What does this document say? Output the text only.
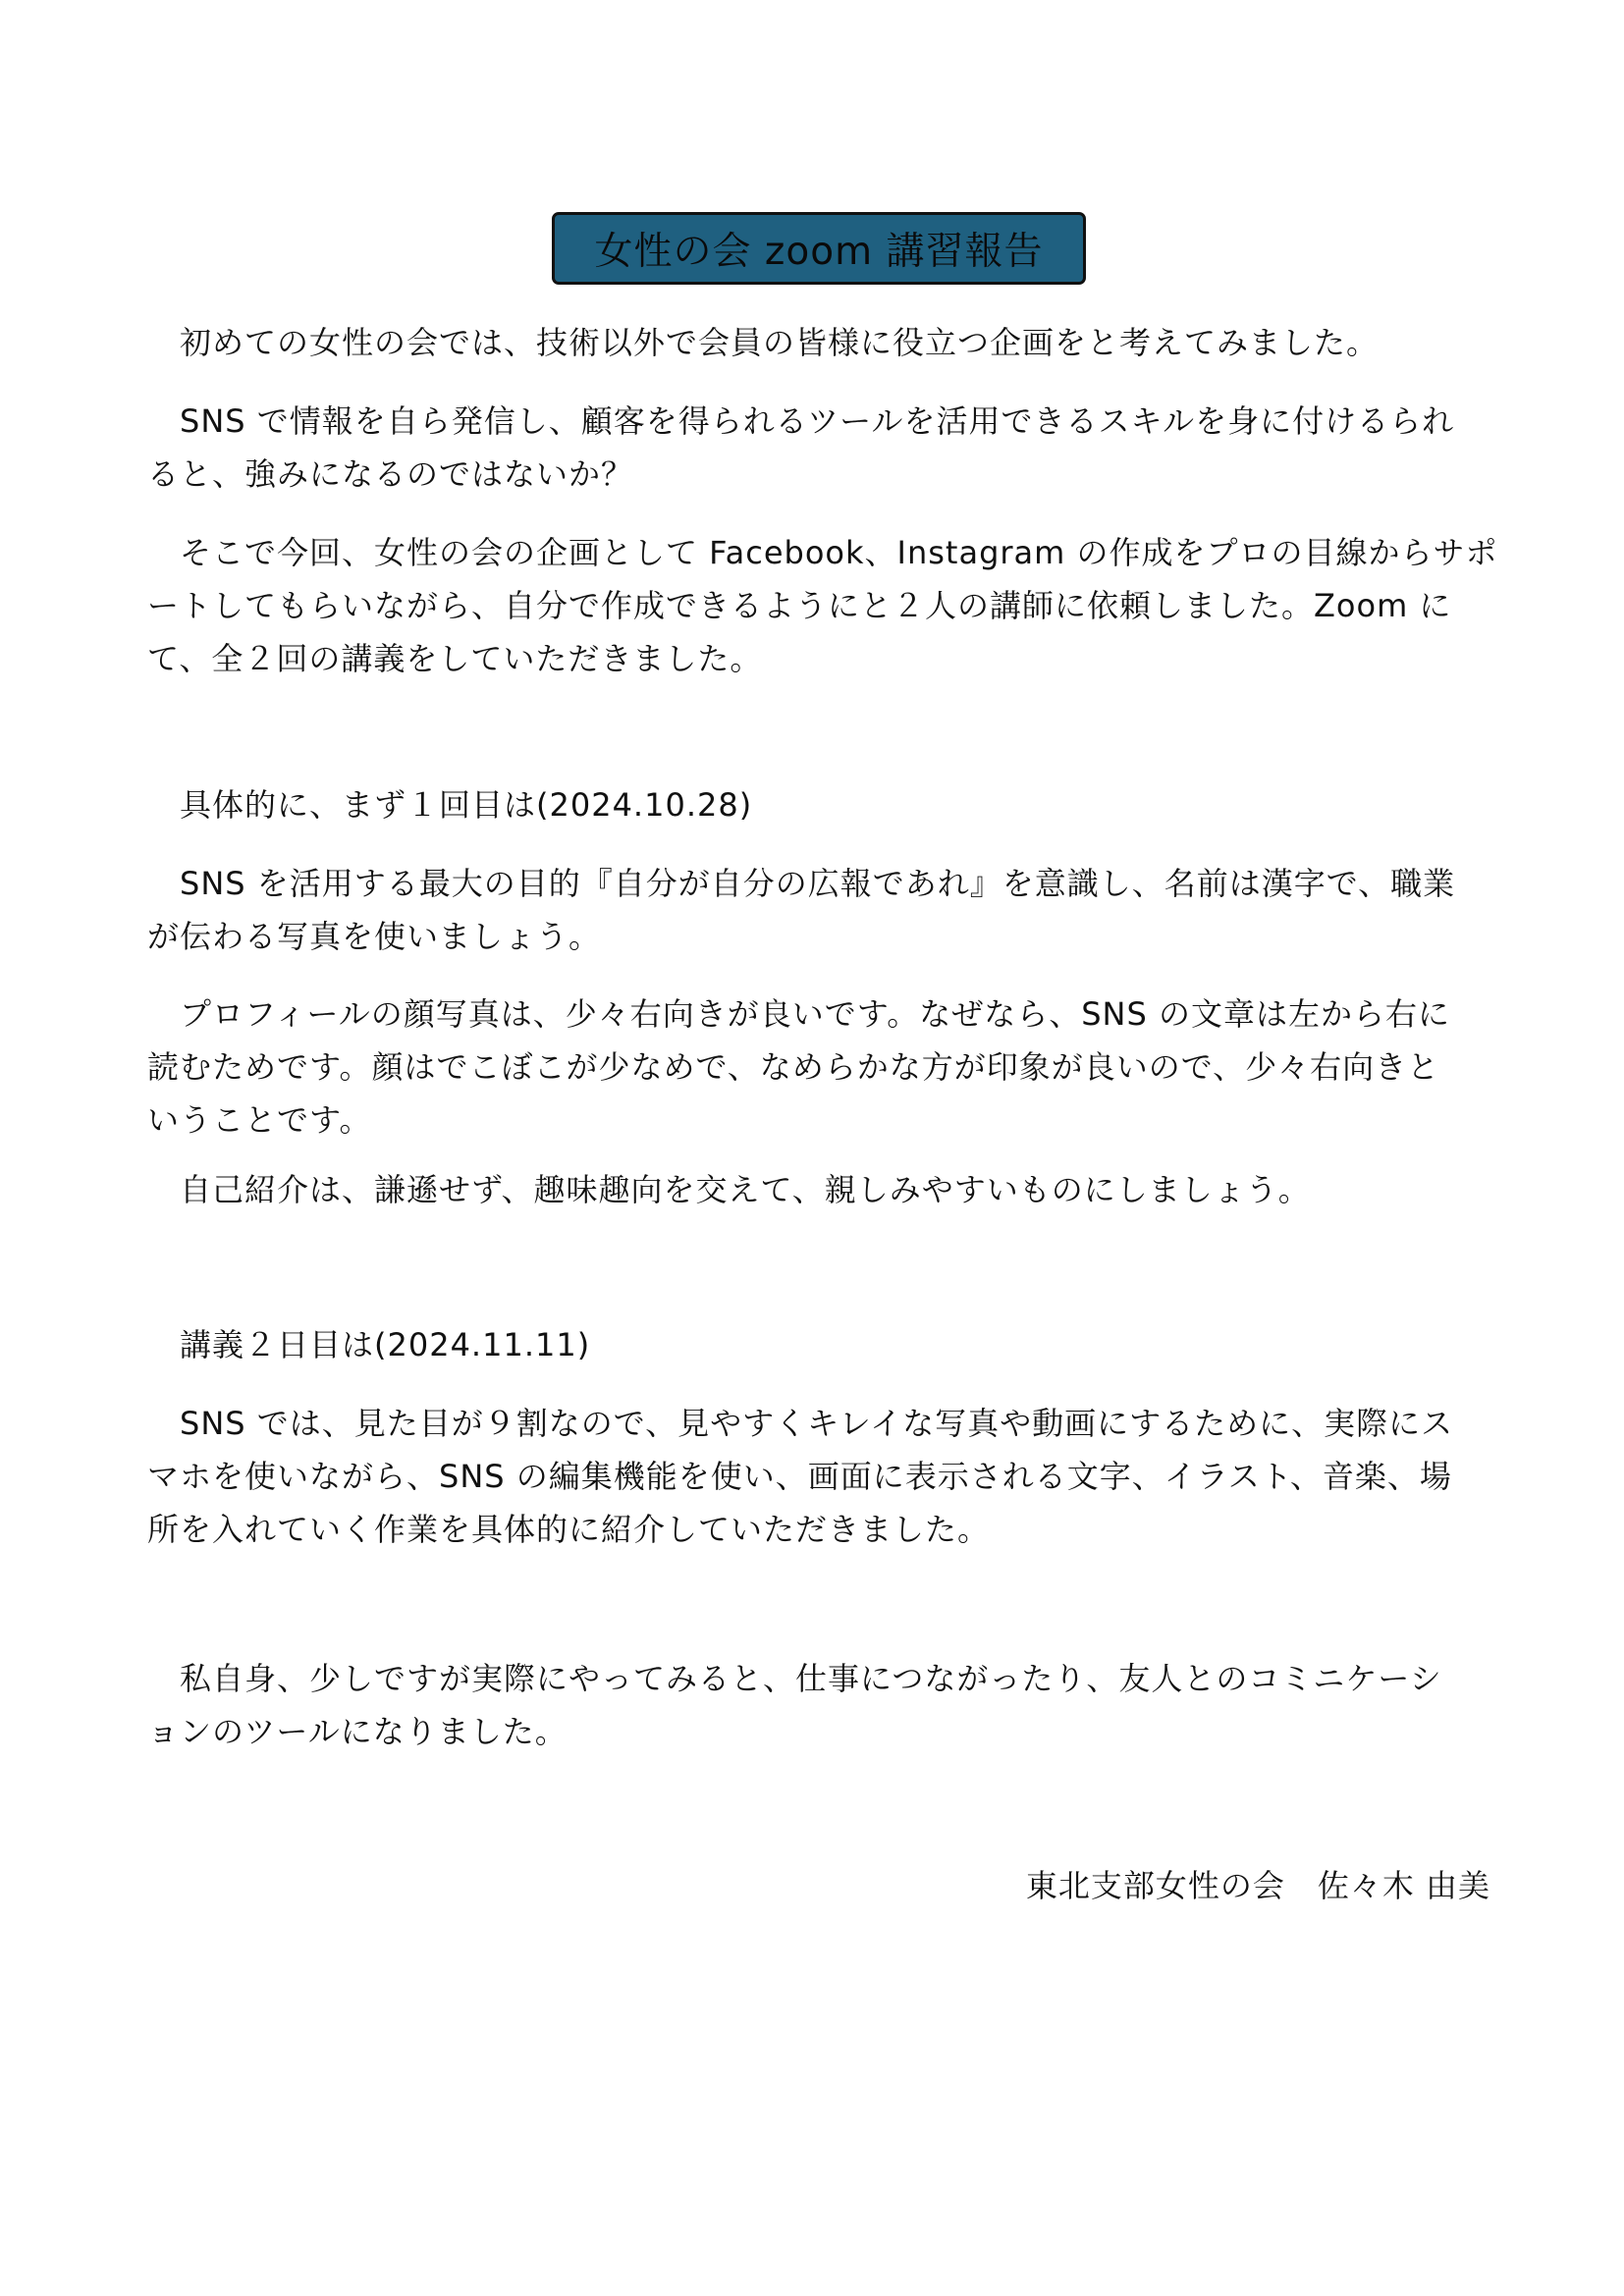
女性の会 zoom 講習報告
　初めての女性の会では、技術以外で会員の皆様に役立つ企画をと考えてみました。
　SNS で情報を自ら発信し、顧客を得られるツールを活用できるスキルを身に付けるられ
ると、強みになるのではないか？
　そこで今回、女性の会の企画として Facebook、Instagram の作成をプロの目線からサポ
ートしてもらいながら、自分で作成できるようにと２人の講師に依頼しました。Zoom に
て、全２回の講義をしていただきました。
　具体的に、まず１回目は(2024.10.28)
　SNS を活用する最大の目的『自分が自分の広報であれ』を意識し、名前は漢字で、職業
が伝わる写真を使いましょう。
　プロフィールの顔写真は、少々右向きが良いです。なぜなら、SNS の文章は左から右に
読むためです。顔はでこぼこが少なめで、なめらかな方が印象が良いので、少々右向きと
いうことです。
　自己紹介は、謙遜せず、趣味趣向を交えて、親しみやすいものにしましょう。
　講義２日目は(2024.11.11)
　SNS では、見た目が９割なので、見やすくキレイな写真や動画にするために、実際にス
マホを使いながら、SNS の編集機能を使い、画面に表示される文字、イラスト、音楽、場
所を入れていく作業を具体的に紹介していただきました。
　私自身、少しですが実際にやってみると、仕事につながったり、友人とのコミニケーシ
ョンのツールになりました。
東北支部女性の会　佐々木 由美
